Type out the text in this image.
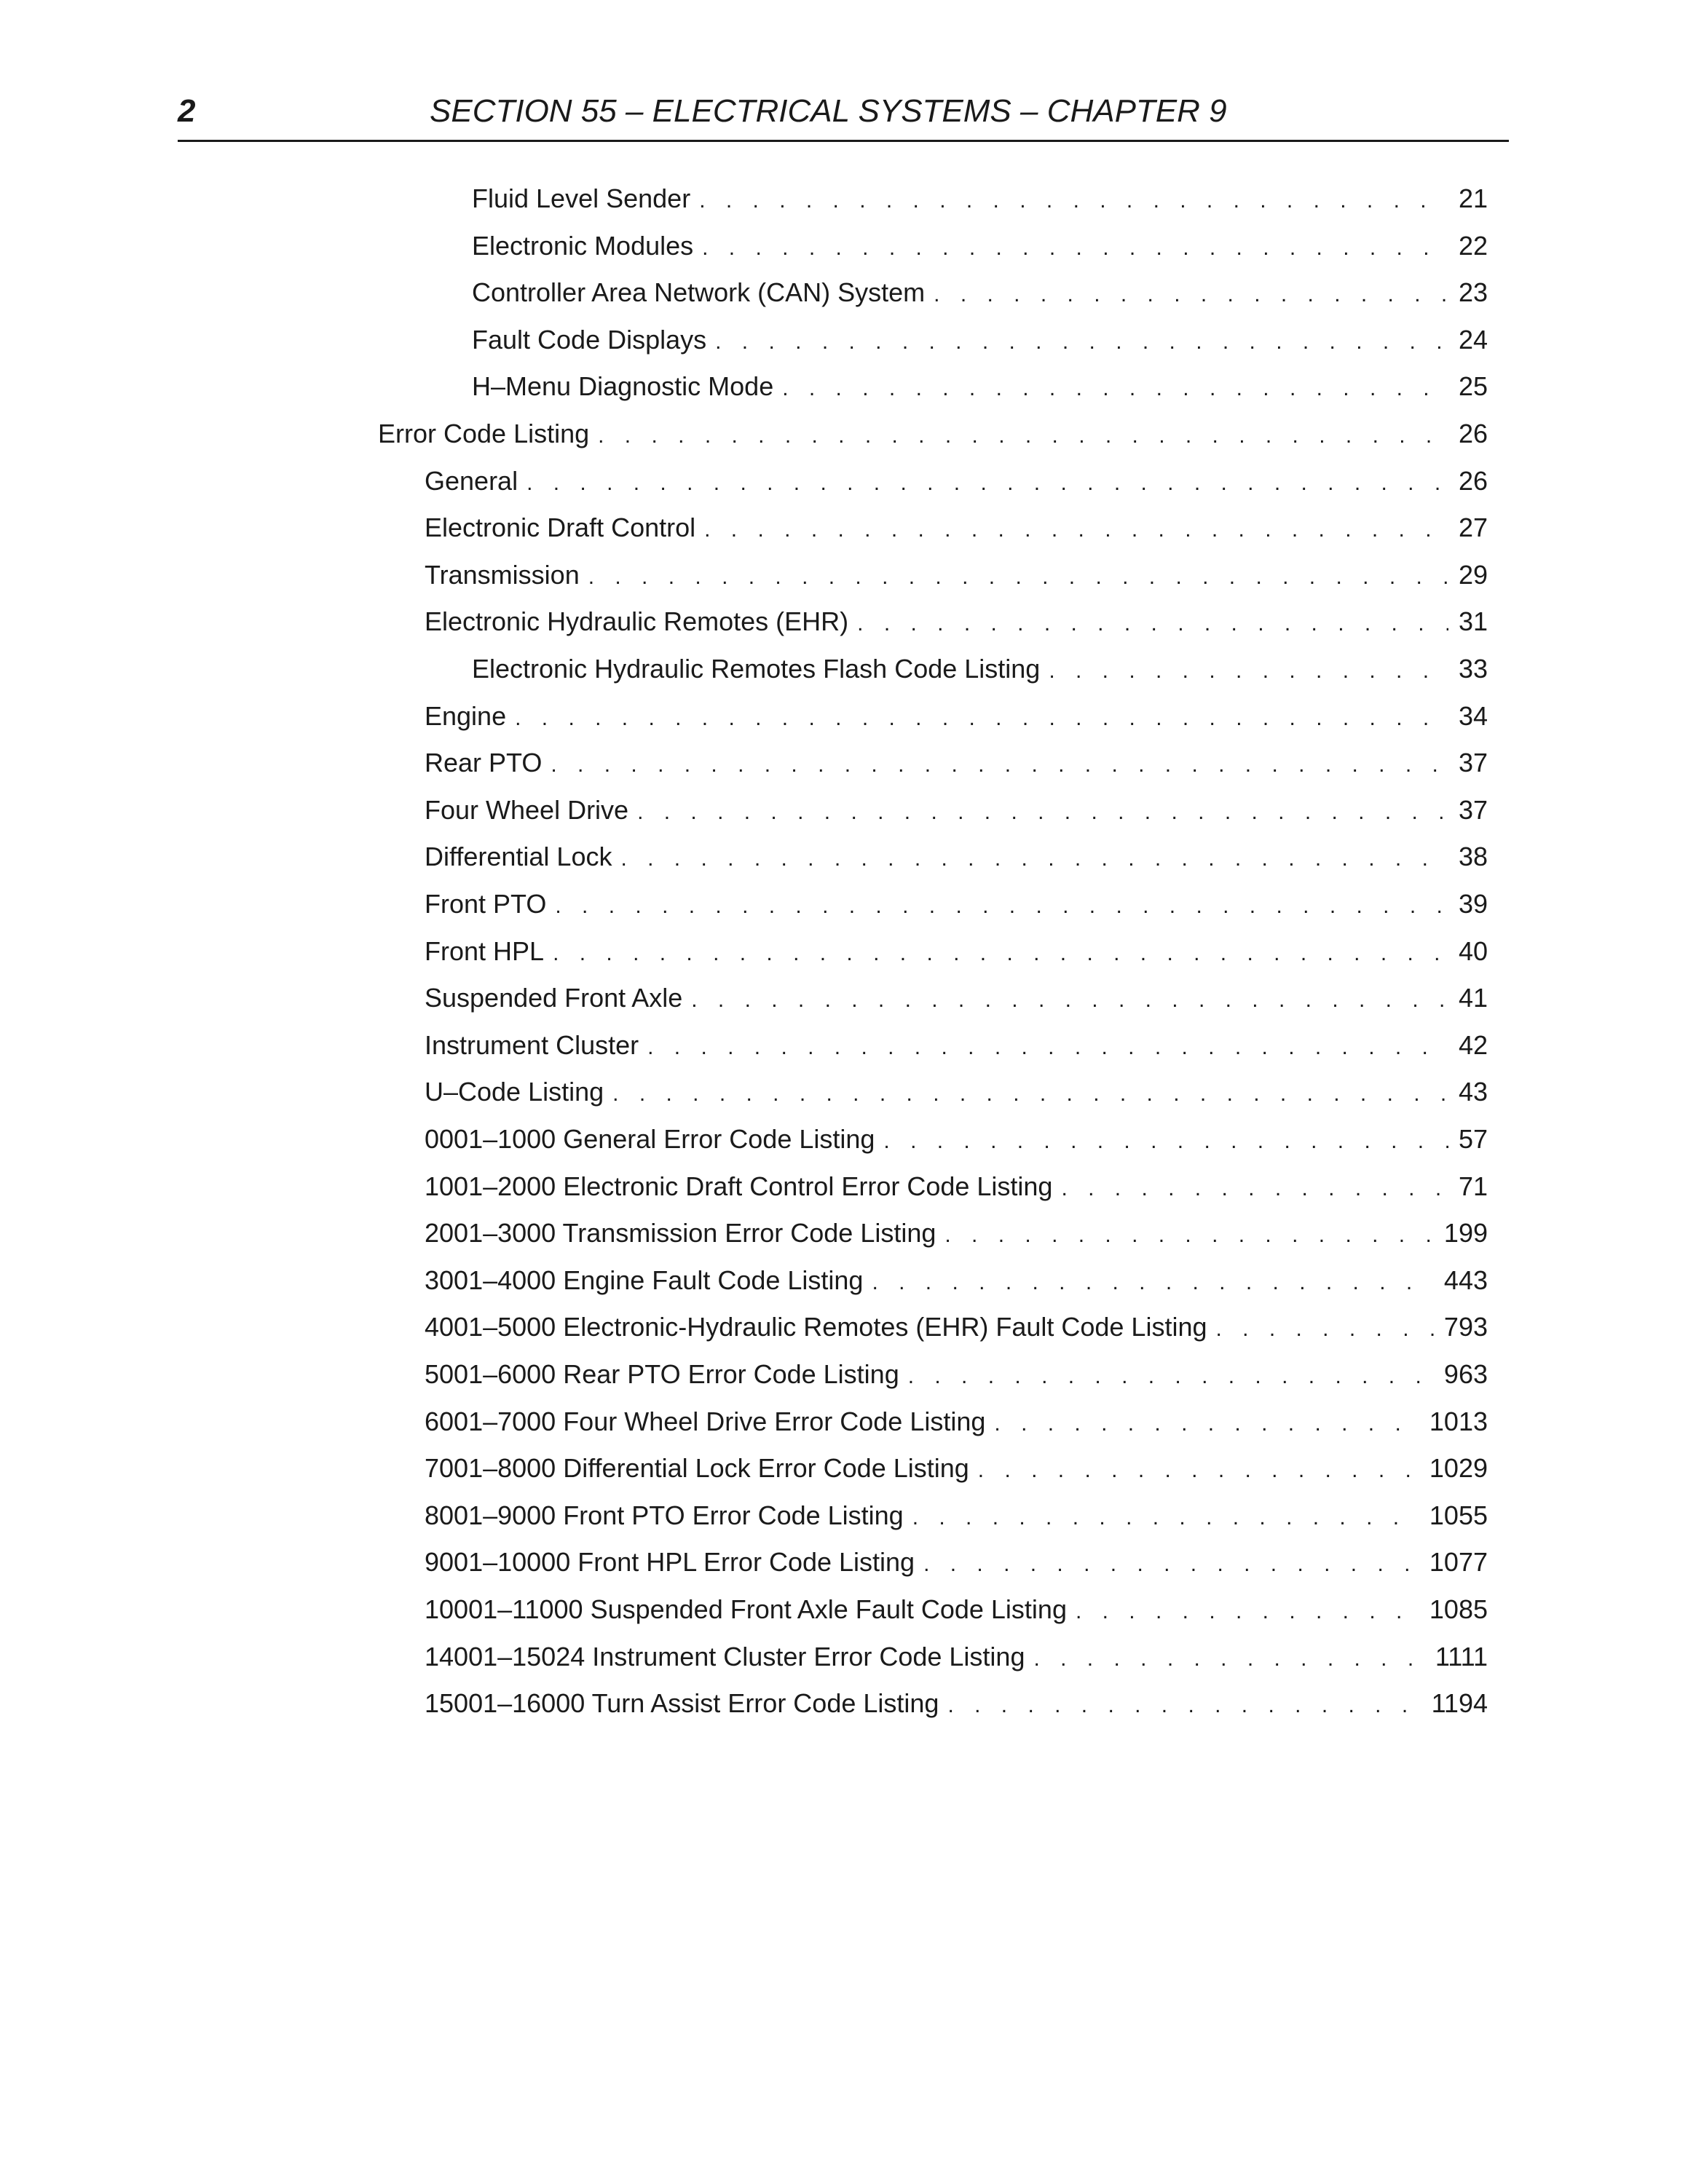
2	SECTION 55 – ELECTRICAL SYSTEMS – CHAPTER 9
Fluid Level Sender . . .	21
Electronic Modules . . .	22
Controller Area Network (CAN) System . . .	23
Fault Code Displays . . .	24
H–Menu Diagnostic Mode . . .	25
Error Code Listing . . .	26
General . . .	26
Electronic Draft Control . . .	27
Transmission . . .	29
Electronic Hydraulic Remotes (EHR) . . .	31
Electronic Hydraulic Remotes Flash Code Listing . . .	33
Engine . . .	34
Rear PTO . . .	37
Four Wheel Drive . . .	37
Differential Lock . . .	38
Front PTO . . .	39
Front HPL . . .	40
Suspended Front Axle . . .	41
Instrument Cluster . . .	42
U–Code Listing . . .	43
0001–1000 General Error Code Listing . . .	57
1001–2000 Electronic Draft Control Error Code Listing . . .	71
2001–3000 Transmission Error Code Listing . . .	199
3001–4000 Engine Fault Code Listing . . .	443
4001–5000 Electronic-Hydraulic Remotes (EHR) Fault Code Listing . . .	793
5001–6000 Rear PTO Error Code Listing . . .	963
6001–7000 Four Wheel Drive Error Code Listing . . .	1013
7001–8000 Differential Lock Error Code Listing . . .	1029
8001–9000 Front PTO Error Code Listing . . .	1055
9001–10000 Front HPL Error Code Listing . . .	1077
10001–11000 Suspended Front Axle Fault Code Listing . . .	1085
14001–15024 Instrument Cluster Error Code Listing . . .	1111
15001–16000 Turn Assist Error Code Listing . . .	1194
